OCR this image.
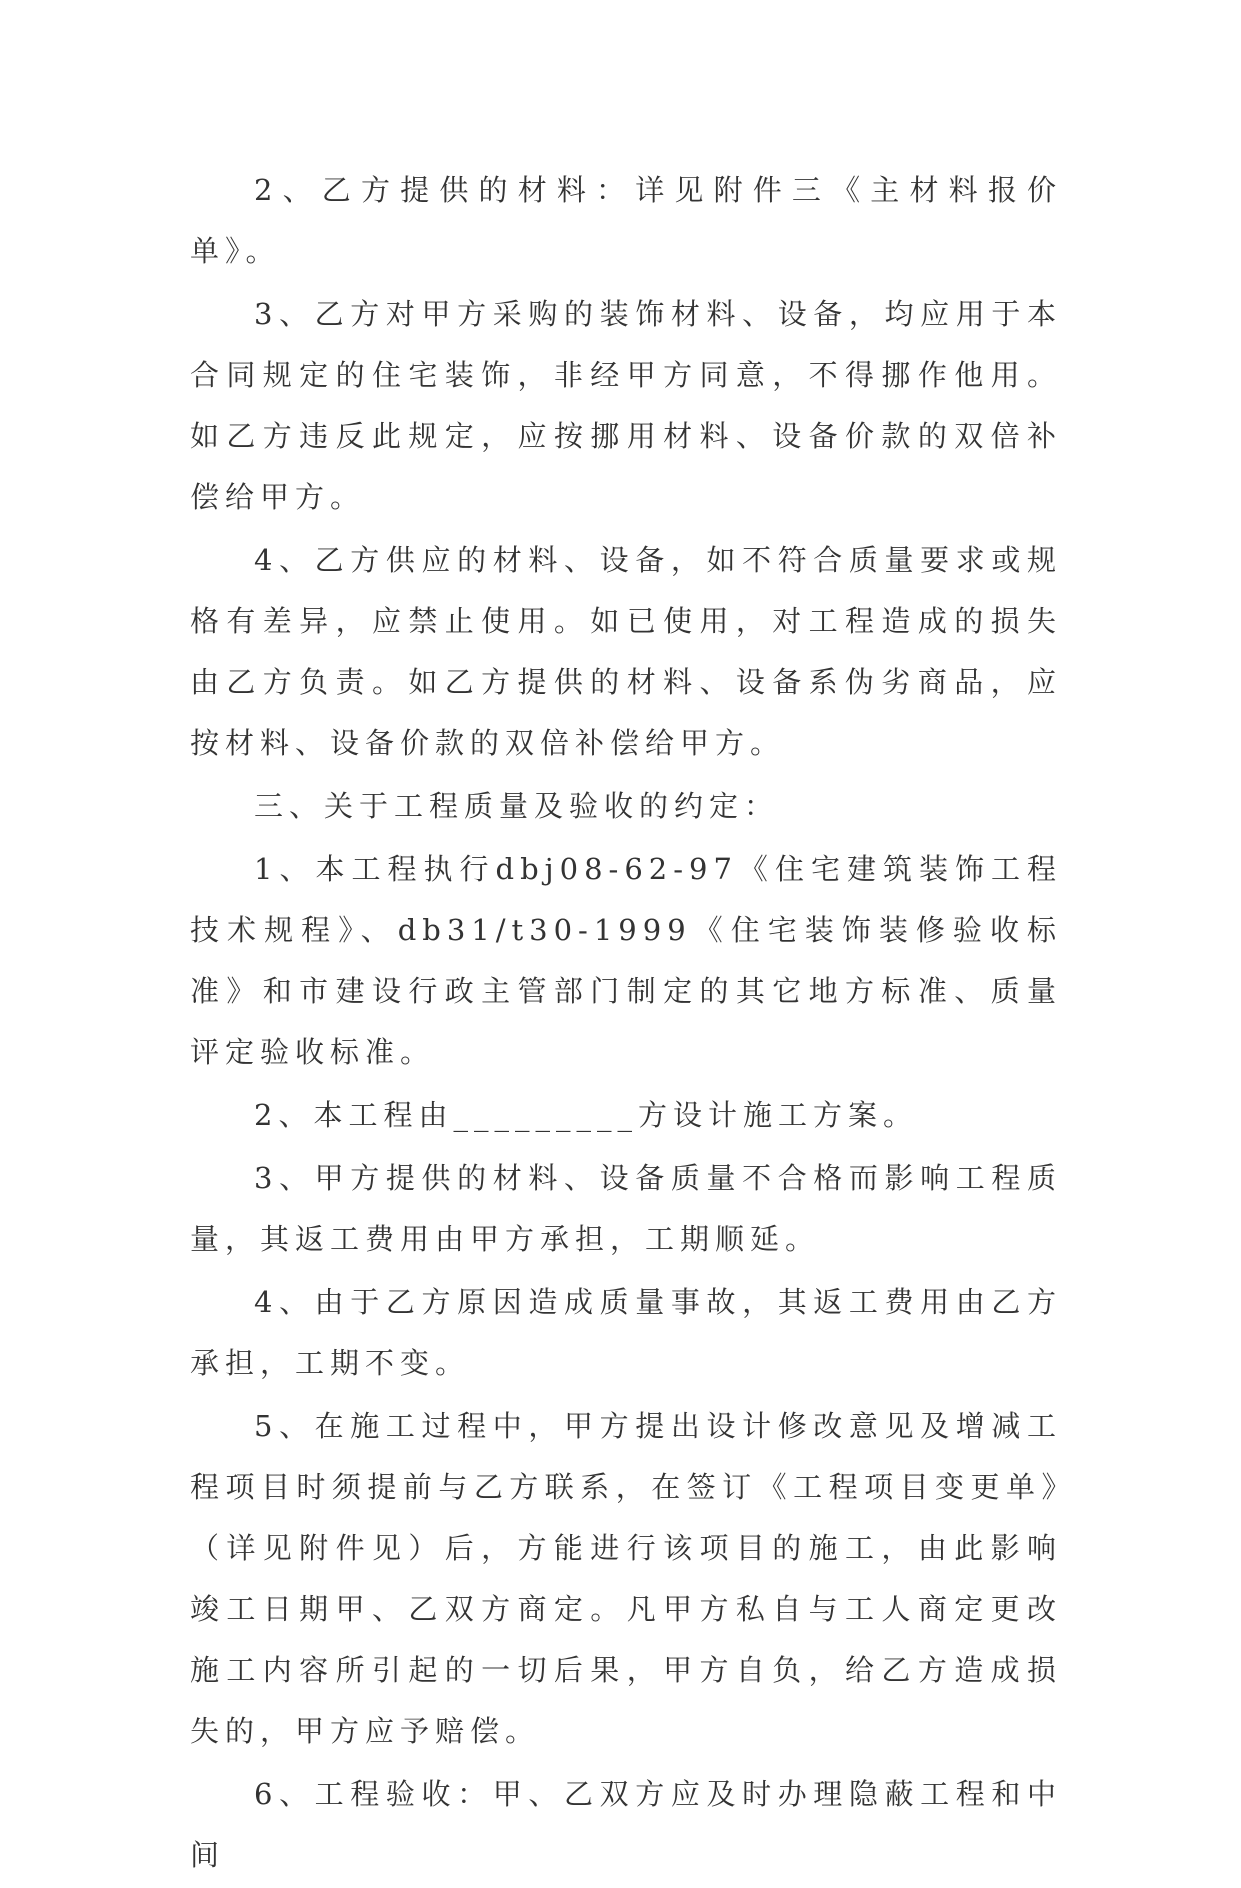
2、乙方提供的材料：详见附件三《主材料报价单》。

3、乙方对甲方采购的装饰材料、设备，均应用于本合同规定的住宅装饰，非经甲方同意，不得挪作他用。如乙方违反此规定，应按挪用材料、设备价款的双倍补偿给甲方。

4、乙方供应的材料、设备，如不符合质量要求或规格有差异，应禁止使用。如已使用，对工程造成的损失由乙方负责。如乙方提供的材料、设备系伪劣商品，应按材料、设备价款的双倍补偿给甲方。

三、关于工程质量及验收的约定：

1、本工程执行dbj08-62-97《住宅建筑装饰工程技术规程》、db31/t30-1999《住宅装饰装修验收标准》和市建设行政主管部门制定的其它地方标准、质量评定验收标准。

2、本工程由_________方设计施工方案。

3、甲方提供的材料、设备质量不合格而影响工程质量，其返工费用由甲方承担，工期顺延。

4、由于乙方原因造成质量事故，其返工费用由乙方承担，工期不变。

5、在施工过程中，甲方提出设计修改意见及增减工程项目时须提前与乙方联系，在签订《工程项目变更单》（详见附件见）后，方能进行该项目的施工，由此影响竣工日期甲、乙双方商定。凡甲方私自与工人商定更改施工内容所引起的一切后果，甲方自负，给乙方造成损失的，甲方应予赔偿。

6、工程验收：甲、乙双方应及时办理隐蔽工程和中间
